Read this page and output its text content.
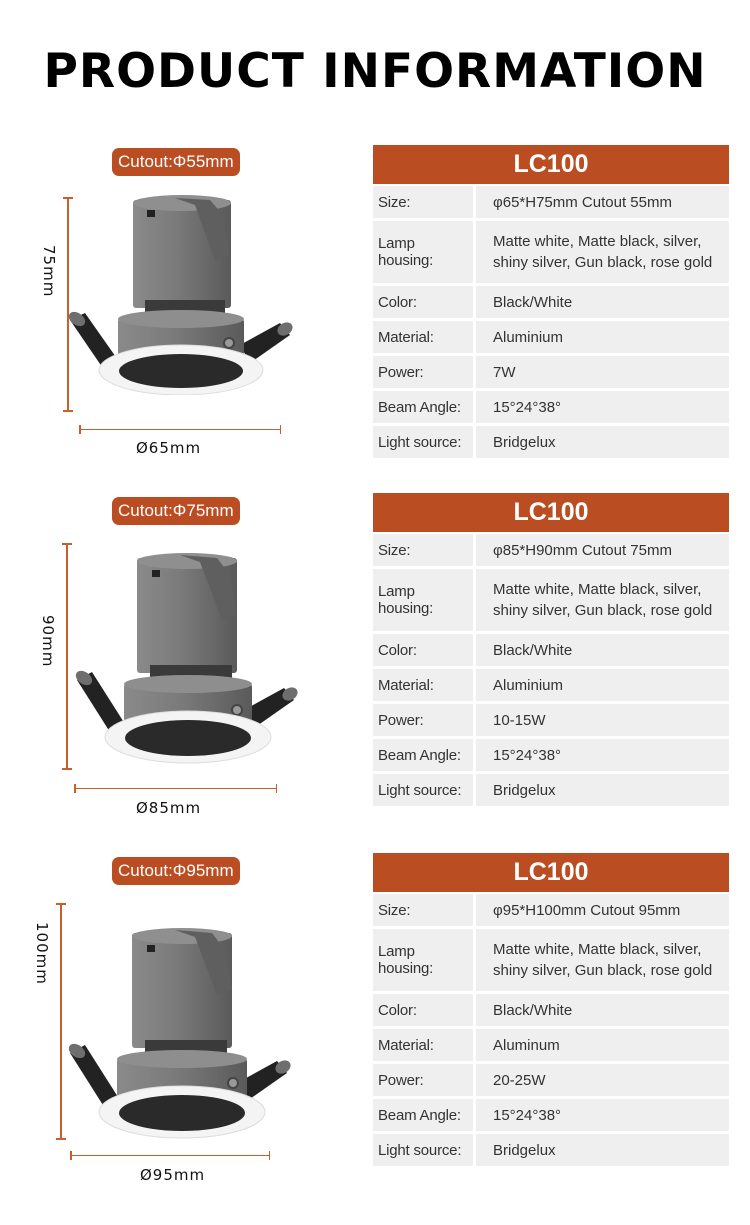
PRODUCT INFORMATION
Cutout:Φ55mm
75mm
Ø65mm
LC100
Size:	φ65*H75mm Cutout 55mm
Lamp housing:
Matte white, Matte black, silver, shiny silver, Gun black, rose gold
Color:	Black/White
Material:	Aluminium
Power:	7W
Beam Angle:	15°24°38°
Light source:	Bridgelux
Cutout:Φ75mm
90mm
Ø85mm
LC100
Size:	φ85*H90mm Cutout 75mm
Lamp housing:
Matte white, Matte black, silver, shiny silver, Gun black, rose gold
Color:	Black/White
Material:	Aluminium
Power:	10-15W
Beam Angle:	15°24°38°
Light source:	Bridgelux
Cutout:Φ95mm
100mm
Ø95mm
LC100
Size:	φ95*H100mm Cutout 95mm
Lamp housing:
Matte white, Matte black, silver, shiny silver, Gun black, rose gold
Color:	Black/White
Material:	Aluminum
Power:	20-25W
Beam Angle:	15°24°38°
Light source:	Bridgelux
